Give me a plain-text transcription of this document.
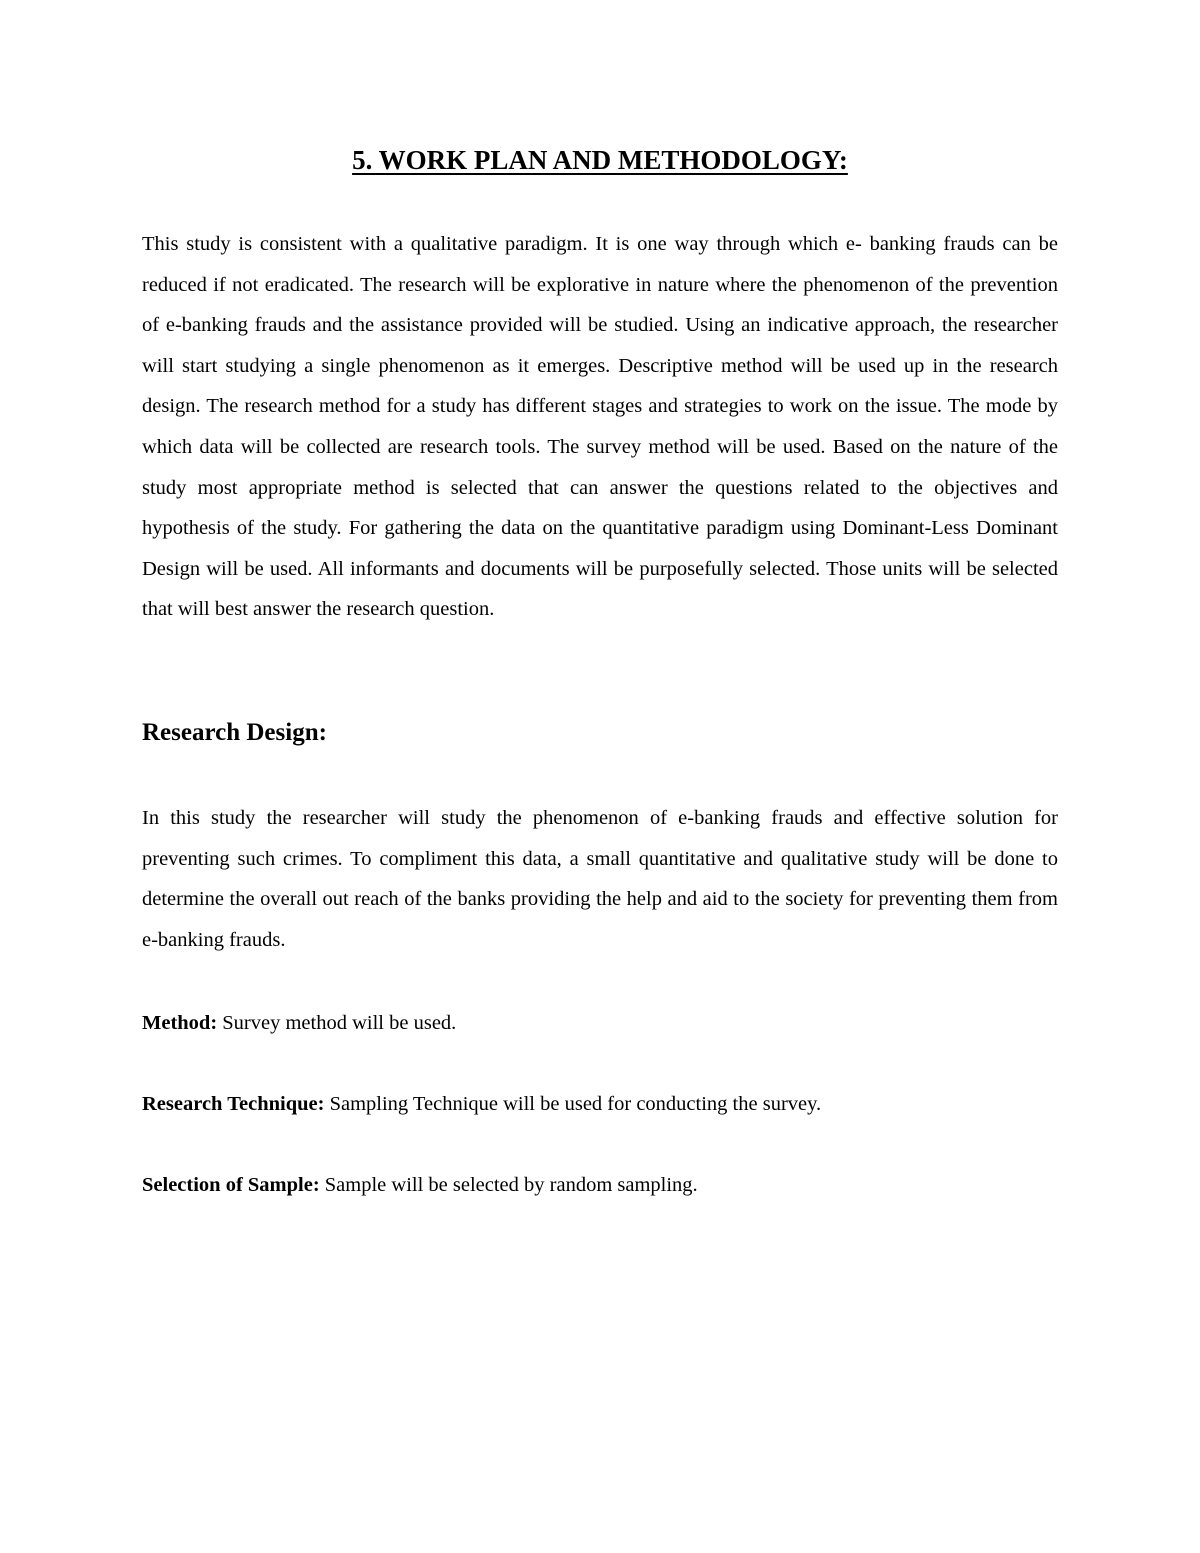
5. WORK PLAN AND METHODOLOGY:

This study is consistent with a qualitative paradigm. It is one way through which e- banking frauds can be reduced if not eradicated. The research will be explorative in nature where the phenomenon of the prevention of e-banking frauds and the assistance provided will be studied. Using an indicative approach, the researcher will start studying a single phenomenon as it emerges. Descriptive method will be used up in the research design. The research method for a study has different stages and strategies to work on the issue. The mode by which data will be collected are research tools. The survey method will be used. Based on the nature of the study most appropriate method is selected that can answer the questions related to the objectives and hypothesis of the study. For gathering the data on the quantitative paradigm using Dominant-Less Dominant Design will be used. All informants and documents will be purposefully selected. Those units will be selected that will best answer the research question.

Research Design:

In this study the researcher will study the phenomenon of e-banking frauds and effective solution for preventing such crimes. To compliment this data, a small quantitative and qualitative study will be done to determine the overall out reach of the banks providing the help and aid to the society for preventing them from e-banking frauds.

Method: Survey method will be used.

Research Technique: Sampling Technique will be used for conducting the survey.

Selection of Sample: Sample will be selected by random sampling.
